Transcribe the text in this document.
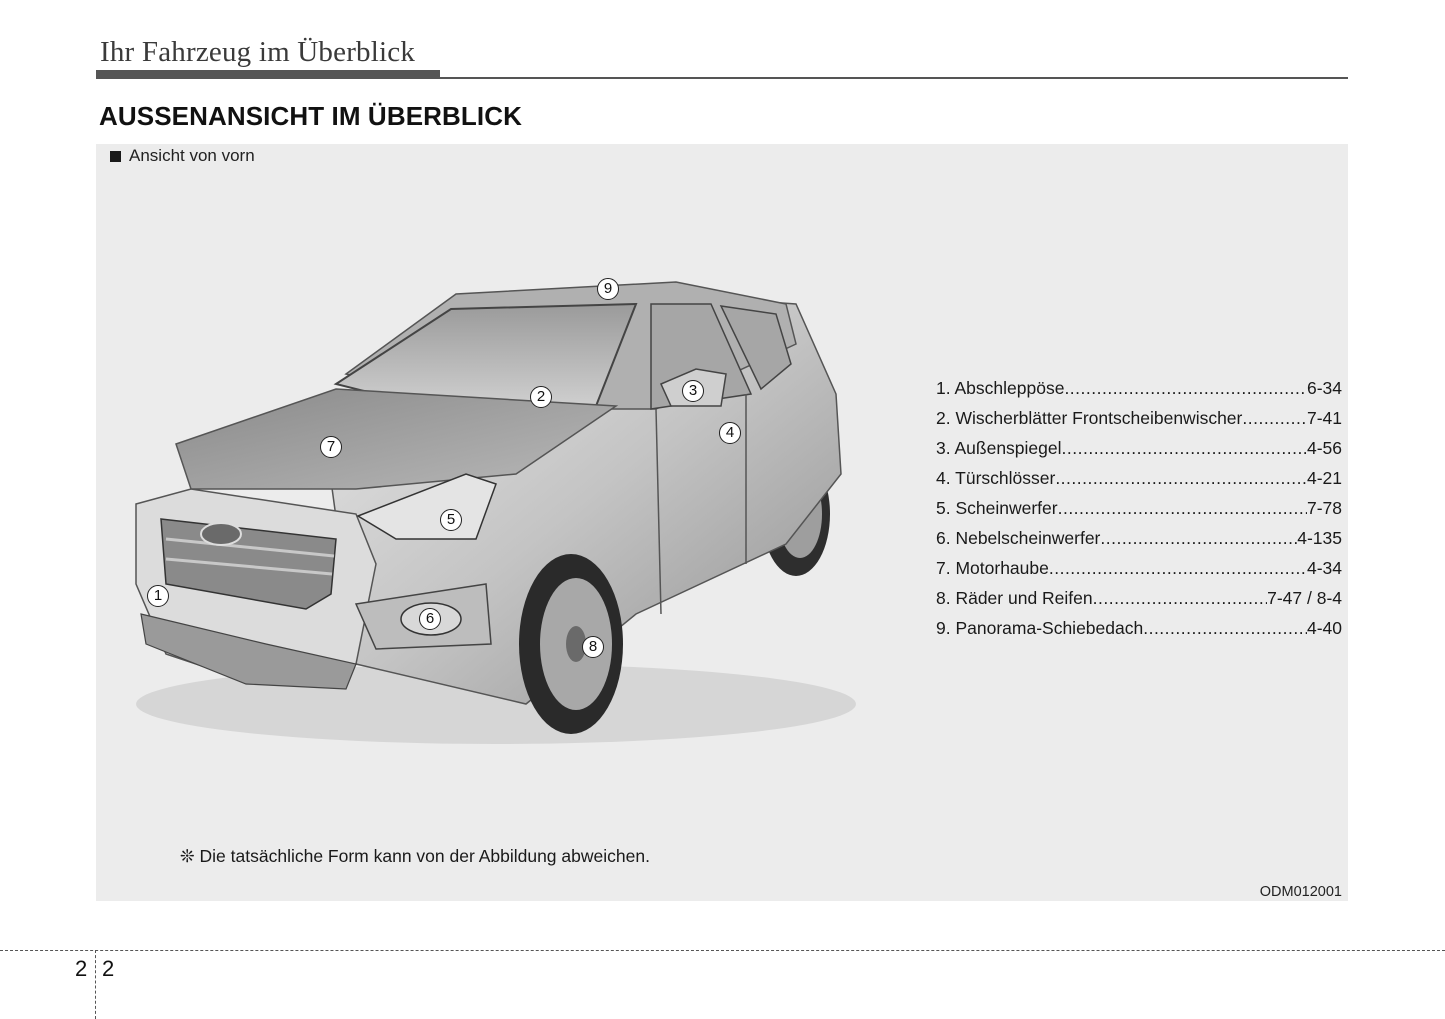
Ihr Fahrzeug im Überblick
AUSSENANSICHT IM ÜBERBLICK
Ansicht von vorn
1
2	3
4
5
6
7
8
9
1. Abschleppöse .....	6-34
2. Wischerblätter Frontscheibenwischer .....	7-41
3. Außenspiegel .....	4-56
4. Türschlösser .....	4-21
5. Scheinwerfer .....	7-78
6. Nebelscheinwerfer .....	4-135
7. Motorhaube .....	4-34
8. Räder und Reifen .....	7-47 / 8-4
9. Panorama-Schiebedach .....	4-40
❊ Die tatsächliche Form kann von der Abbildung abweichen.
ODM012001
2 2
